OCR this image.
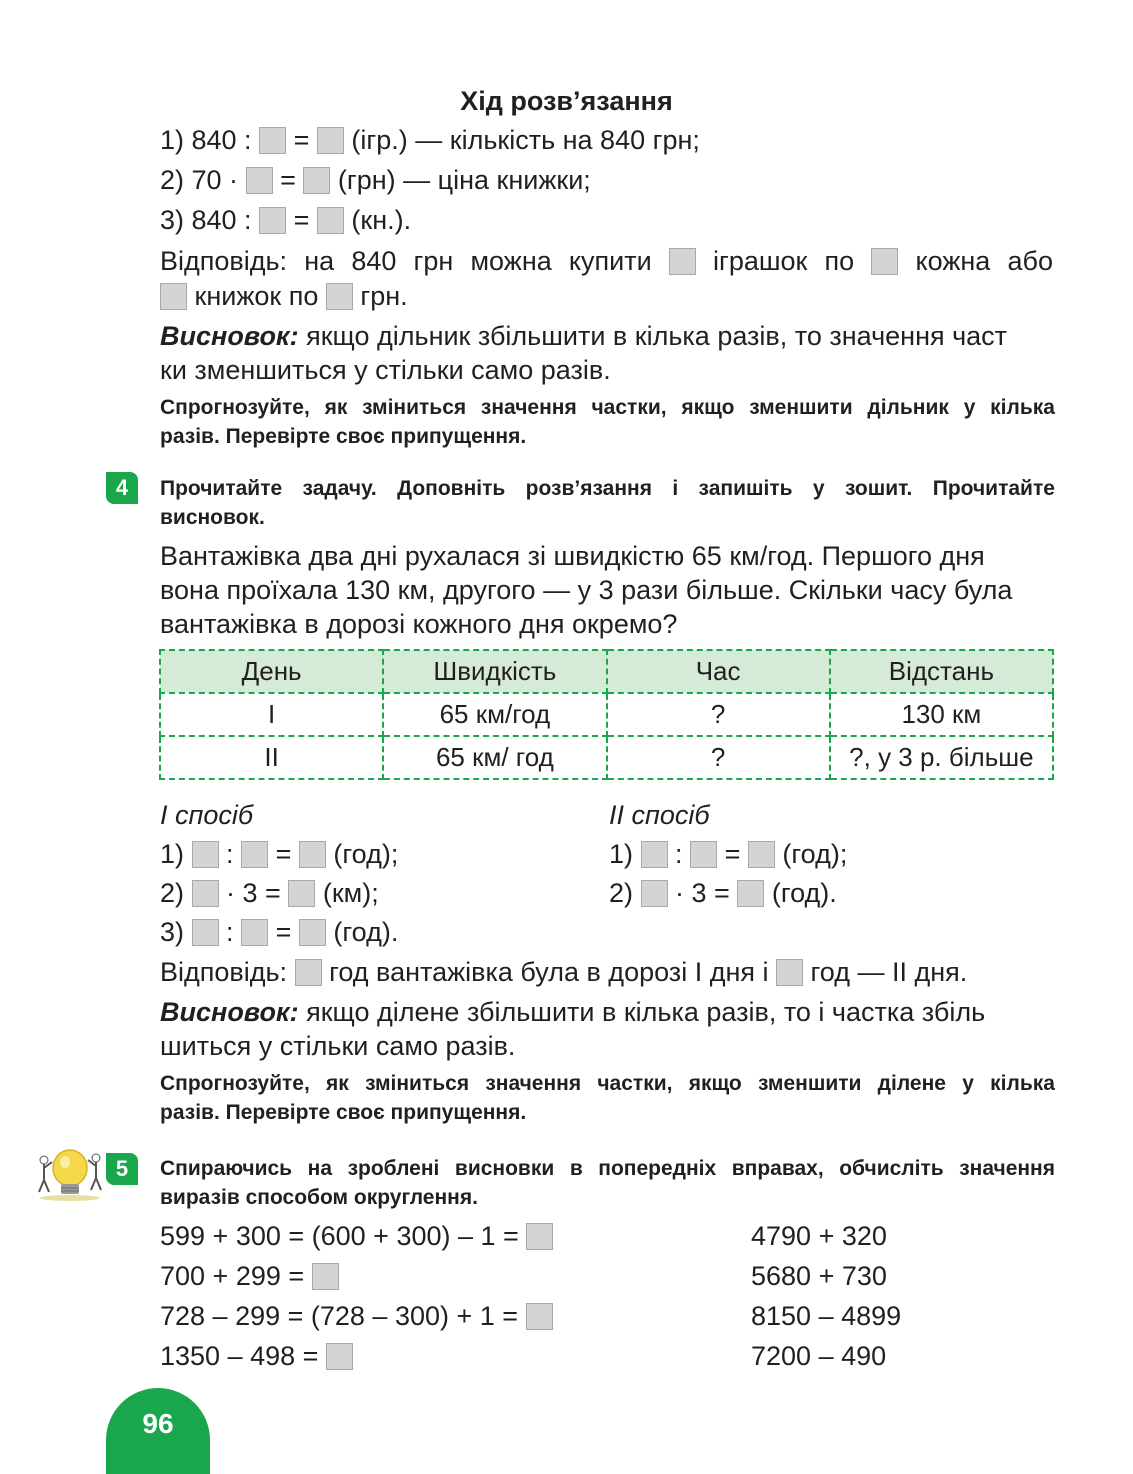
Хід розв’язання
1) 840 : = (ігр.) — кількість на 840 грн;
2) 70 · = (грн) — ціна книжки;
3) 840 : = (кн.).
Відповідь: на 840 грн можна купити іграшок по кожна або
книжок по грн.
Висновок: якщо дільник збільшити в кілька разів, то значення част
ки зменшиться у стільки само разів.
Спрогнозуйте, як зміниться значення частки, якщо зменшити дільник у кілька
разів. Перевірте своє припущення.
4	Прочитайте задачу. Доповніть розв’язання і запишіть у зошит. Прочитайте
висновок.
Вантажівка два дні рухалася зі швидкістю 65 км/год. Першого дня
вона проїхала 130 км, другого — у 3 рази більше. Скільки часу була
вантажівка в дорозі кожного дня окремо?
День	Швидкість	Час	Відстань
I	65 км/год	?	130 км
II	65 км/ год	?	?, у 3 р. більше
I спосіб
1) : = (год);
2) · 3 = (км);
3) : = (год).
II спосіб
1) : = (год);
2) · 3 = (год).
Відповідь: год вантажівка була в дорозі I дня і год — II дня.
Висновок: якщо ділене збільшити в кілька разів, то і частка збіль
шиться у стільки само разів.
Спрогнозуйте, як зміниться значення частки, якщо зменшити ділене у кілька
разів. Перевірте своє припущення.
5	Спираючись на зроблені висновки в попередніх вправах, обчисліть значення
виразів способом округлення.
599 + 300 = (600 + 300) – 1 =
700 + 299 =
728 – 299 = (728 – 300) + 1 =
1350 – 498 =
4790 + 320
5680 + 730
8150 – 4899
7200 – 490
96
